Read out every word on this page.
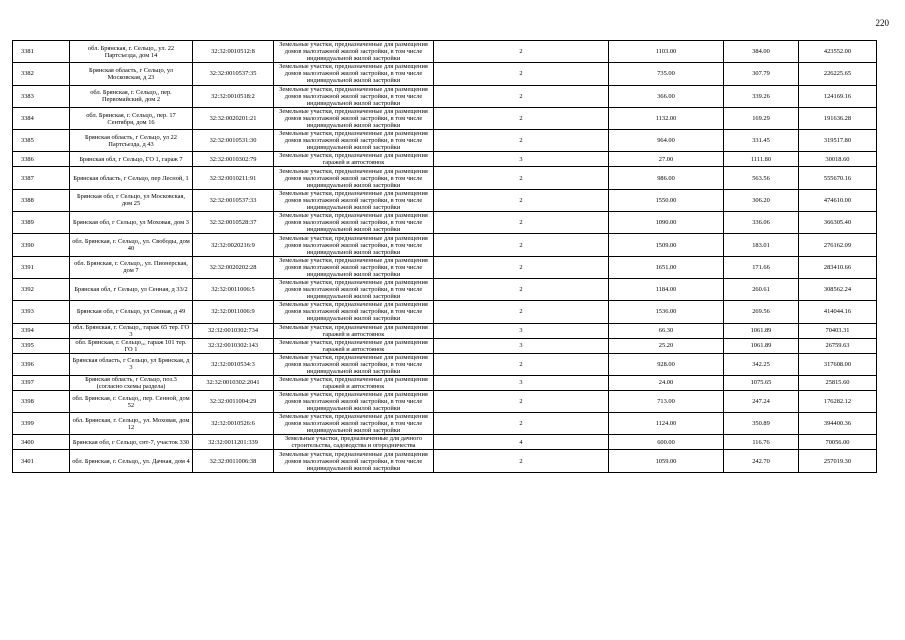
220
3381	обл. Брянская, г. Сельцо,, ул. 22 Партсъезда, дом 14	32:32:0010512:8	Земельные участки, предназначенные для размещения домов малоэтажной жилой застройки, в том числе индивидуальной жилой застройки	2	1103.00	384.00	423552.00
3382	Брянская область, г Сельцо, ул Московская, д 23	32:32:0010537:35	Земельные участки, предназначенные для размещения домов малоэтажной жилой застройки, в том числе индивидуальной жилой застройки	2	735.00	307.79	226225.65
3383	обл. Брянская, г. Сельцо,, пер. Первомайский, дом 2	32:32:0010518:2	Земельные участки, предназначенные для размещения домов малоэтажной жилой застройки, в том числе индивидуальной жилой застройки	2	366.00	339.26	124169.16
3384	обл. Брянская, г. Сельцо,, пер. 17 Сентября, дом 16	32:32:0020201:21	Земельные участки, предназначенные для размещения домов малоэтажной жилой застройки, в том числе индивидуальной жилой застройки	2	1132.00	169.29	191636.28
3385	Брянская область, г Сельцо, ул 22 Партсъезда, д 43	32:32:0010531:30	Земельные участки, предназначенные для размещения домов малоэтажной жилой застройки, в том числе индивидуальной жилой застройки	2	964.00	331.45	319517.80
3386	Брянская обл, г Сельцо, ГО 1, гараж 7	32:32:0010302:79	Земельные участки, предназначенные для размещения гаражей и автостоянок	3	27.00	1111.80	30018.60
3387	Брянская область, г Сельцо, пер Лесной, 1	32:32:0010211:91	Земельные участки, предназначенные для размещения домов малоэтажной жилой застройки, в том числе индивидуальной жилой застройки	2	986.00	563.56	555670.16
3388	Брянская обл, г Сельцо, ул Московская, дом 25	32:32:0010537:33	Земельные участки, предназначенные для размещения домов малоэтажной жилой застройки, в том числе индивидуальной жилой застройки	2	1550.00	306.20	474610.00
3389	Брянская обл, г Сельцо, ул Моховая, дом 3	32:32:0010528:37	Земельные участки, предназначенные для размещения домов малоэтажной жилой застройки, в том числе индивидуальной жилой застройки	2	1090.00	336.06	366305.40
3390	обл. Брянская, г. Сельцо,, ул. Свободы, дом 40	32:32:0020216:9	Земельные участки, предназначенные для размещения домов малоэтажной жилой застройки, в том числе индивидуальной жилой застройки	2	1509.00	183.01	276162.09
3391	обл. Брянская, г. Сельцо,, ул. Пионерская, дом 7	32:32:0020202:28	Земельные участки, предназначенные для размещения домов малоэтажной жилой застройки, в том числе индивидуальной жилой застройки	2	1651.00	171.66	283410.66
3392	Брянская обл, г Сельцо, ул Сенная, д 33/2	32:32:0011006:5	Земельные участки, предназначенные для размещения домов малоэтажной жилой застройки, в том числе индивидуальной жилой застройки	2	1184.00	260.61	308562.24
3393	Брянская обл, г Сельцо, ул Сенная, д 49	32:32:0011006:9	Земельные участки, предназначенные для размещения домов малоэтажной жилой застройки, в том числе индивидуальной жилой застройки	2	1536.00	269.56	414044.16
3394	обл. Брянская, г. Сельцо,, гараж 65 тер. ГО 3	32:32:0010302:734	Земельные участки, предназначенные для размещения гаражей и автостоянок	3	66.30	1061.89	70403.31
3395	обл. Брянская, г. Сельцо,,, гараж 101 тер. ГО 1	32:32:0010302:143	Земельные участки, предназначенные для размещения гаражей и автостоянок	3	25.20	1061.89	26759.63
3396	Брянская область, г Сельцо, ул Брянская, д 3	32:32:0010534:3	Земельные участки, предназначенные для размещения домов малоэтажной жилой застройки, в том числе индивидуальной жилой застройки	2	928.00	342.25	317608.00
3397	Брянская область, г Сельцо, поз.3 (согласно схемы раздела)	32:32:0010302:2041	Земельные участки, предназначенные для размещения гаражей и автостоянок	3	24.00	1075.65	25815.60
3398	обл. Брянская, г. Сельцо,, пер. Сенной, дом 52	32:32:0011004:29	Земельные участки, предназначенные для размещения домов малоэтажной жилой застройки, в том числе индивидуальной жилой застройки	2	713.00	247.24	176282.12
3399	обл. Брянская, г. Сельцо,, ул. Моховая, дом 12	32:32:0010526:6	Земельные участки, предназначенные для размещения домов малоэтажной жилой застройки, в том числе индивидуальной жилой застройки	2	1124.00	350.89	394400.36
3400	Брянская обл, г Сельцо, снт-7, участок 330	32:32:0011201:339	Земельные участки, предназначенные для дачного строительства, садоводства и огородничества	4	600.00	116.76	70056.00
3401	обл. Брянская, г. Сельцо,, ул. Дачная, дом 4	32:32:0011006:38	Земельные участки, предназначенные для размещения домов малоэтажной жилой застройки, в том числе индивидуальной жилой застройки	2	1059.00	242.70	257019.30
